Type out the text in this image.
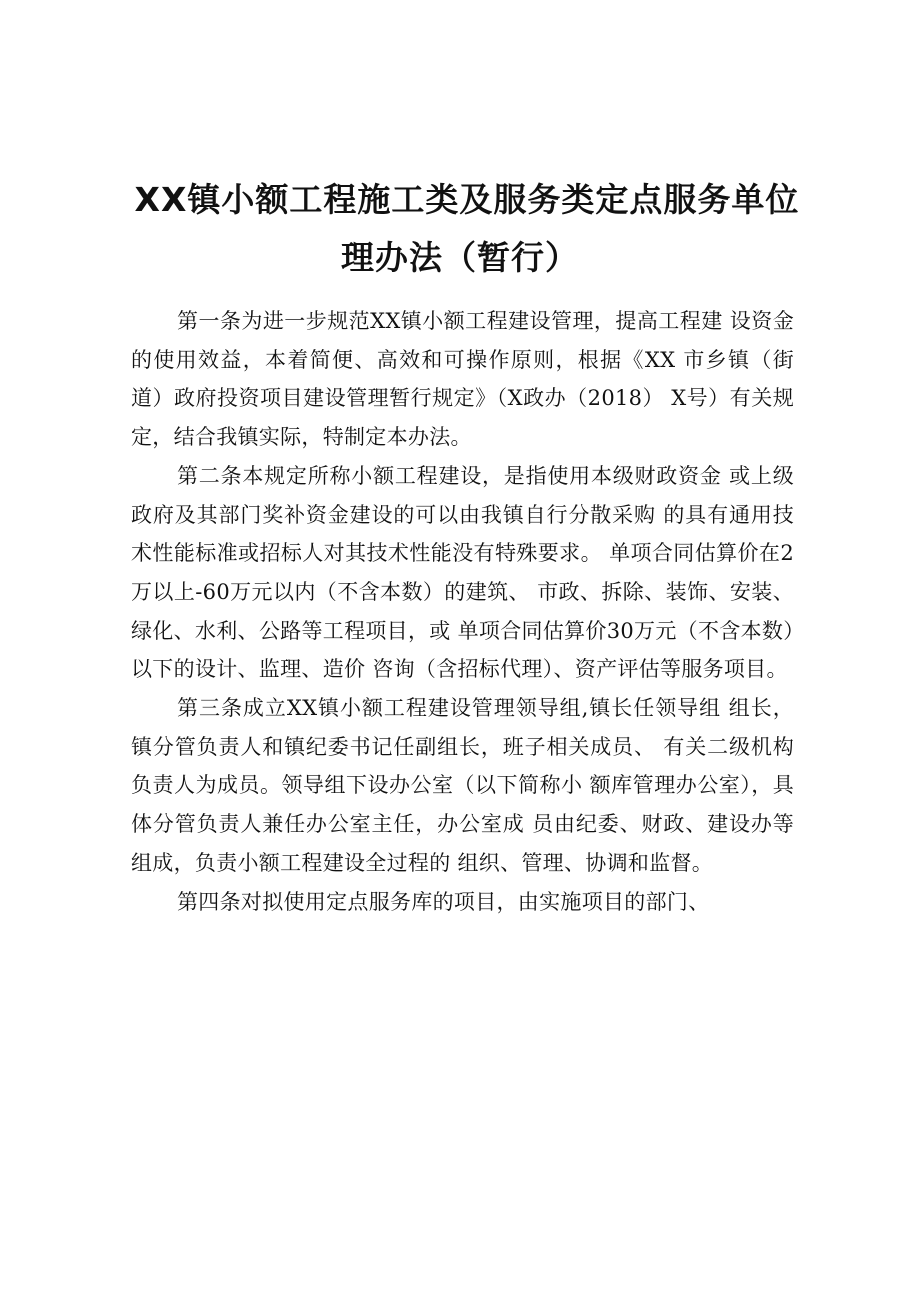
XX镇小额工程施工类及服务类定点服务单位
理办法（暂行）

第一条为进一步规范XX镇小额工程建设管理，提高工程建 设资金的使用效益，本着简便、高效和可操作原则，根据《XX 市乡镇（街道）政府投资项目建设管理暂行规定》（X政办（2018） X号）有关规定，结合我镇实际，特制定本办法。

第二条本规定所称小额工程建设，是指使用本级财政资金 或上级政府及其部门奖补资金建设的可以由我镇自行分散采购 的具有通用技术性能标准或招标人对其技术性能没有特殊要求。 单项合同估算价在2万以上-60万元以内（不含本数）的建筑、 市政、拆除、装饰、安装、绿化、水利、公路等工程项目，或 单项合同估算价30万元（不含本数）以下的设计、监理、造价 咨询（含招标代理）、资产评估等服务项目。

第三条成立XX镇小额工程建设管理领导组,镇长任领导组 组长，镇分管负责人和镇纪委书记任副组长，班子相关成员、 有关二级机构负责人为成员。领导组下设办公室（以下简称小 额库管理办公室），具体分管负责人兼任办公室主任，办公室成 员由纪委、财政、建设办等组成，负责小额工程建设全过程的 组织、管理、协调和监督。

第四条对拟使用定点服务库的项目，由实施项目的部门、
